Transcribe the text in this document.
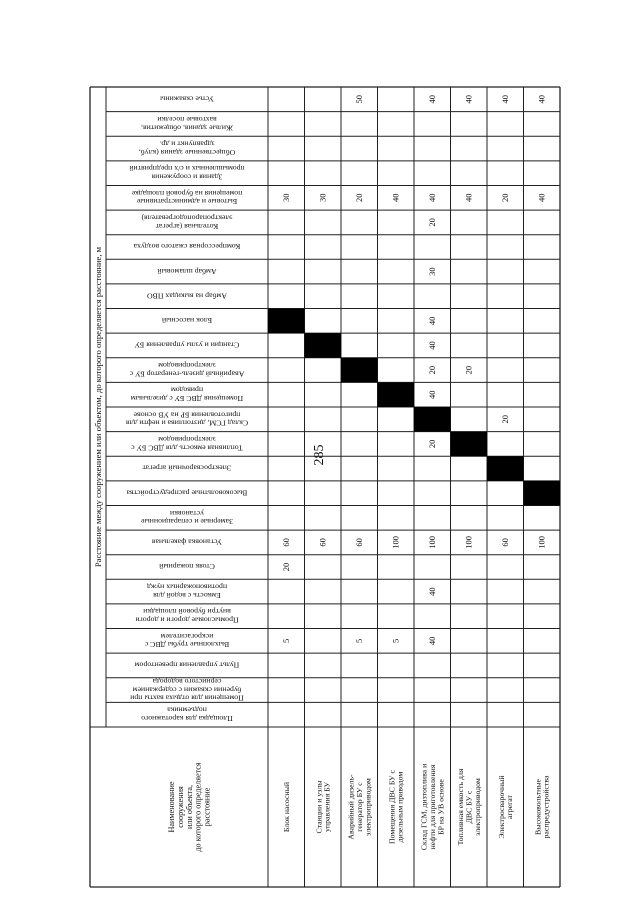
285
Расстояние между сооружением или объектом, до которого определяется расстояние, м
Устье скважины
Жилые здания, общежития,
вахтовые поселки
Общественные здания (клуб,
здравпункт и др.
Здания и сооружения
промышленных и с/х предприятий
Бытовые и административные
помещения на буровой площадке
Котельная (агрегат
электропароподогревателя)
Компрессорная сжатого воздуха
Амбар шламовый
Амбар на выкидах ПВО
Блок насосный
Станции и узлы управления БУ
Аварийный дизель-генератор БУ с
электроприводом
Помещения ДВС БУ с дизельным
приводом
Склад ГСМ, дизтоплива и нефти для
приготовления БР на УВ основе
Топливная емкость для ДВС БУ с
электроприводом
Электросварочный агрегат
Высоковольтные распредустройства
Замерные и сепарационные
установки
Установка факельная
Стояк пожарный
Емкость с водой для
противопожарных нужд
Промысловые дороги и дороги
внутри буровой площадки
Выхлопные трубы ДВС с
искрогасителем
Пульт управления превентором
Помещения для отдыха вахты при
бурении скважин с содержанием
сернистого водорода
Площадка для каротажного
подъемника
Наименование сооружения или объекта, до которого определяется расстояние	Блок насосный
30
60
20
5
Станции и узлы управления БУ
30
60
Аварийный дизель- генератор БУ с электроприводом
50
20
60
5
Помещения ДВС БУ с дизельным приводом
40
100
5
Склад ГСМ, дизтоплива и нефти для приготовления БР на УВ основе
40
40
20
30
40
40
20
40
20
100
40
40
Топливная емкость для ДВС БУ с электроприводом
40
40
20
100
Электросварочный агрегат
40
20
20
60
Высоковольтные распредустройства
40
40
100
